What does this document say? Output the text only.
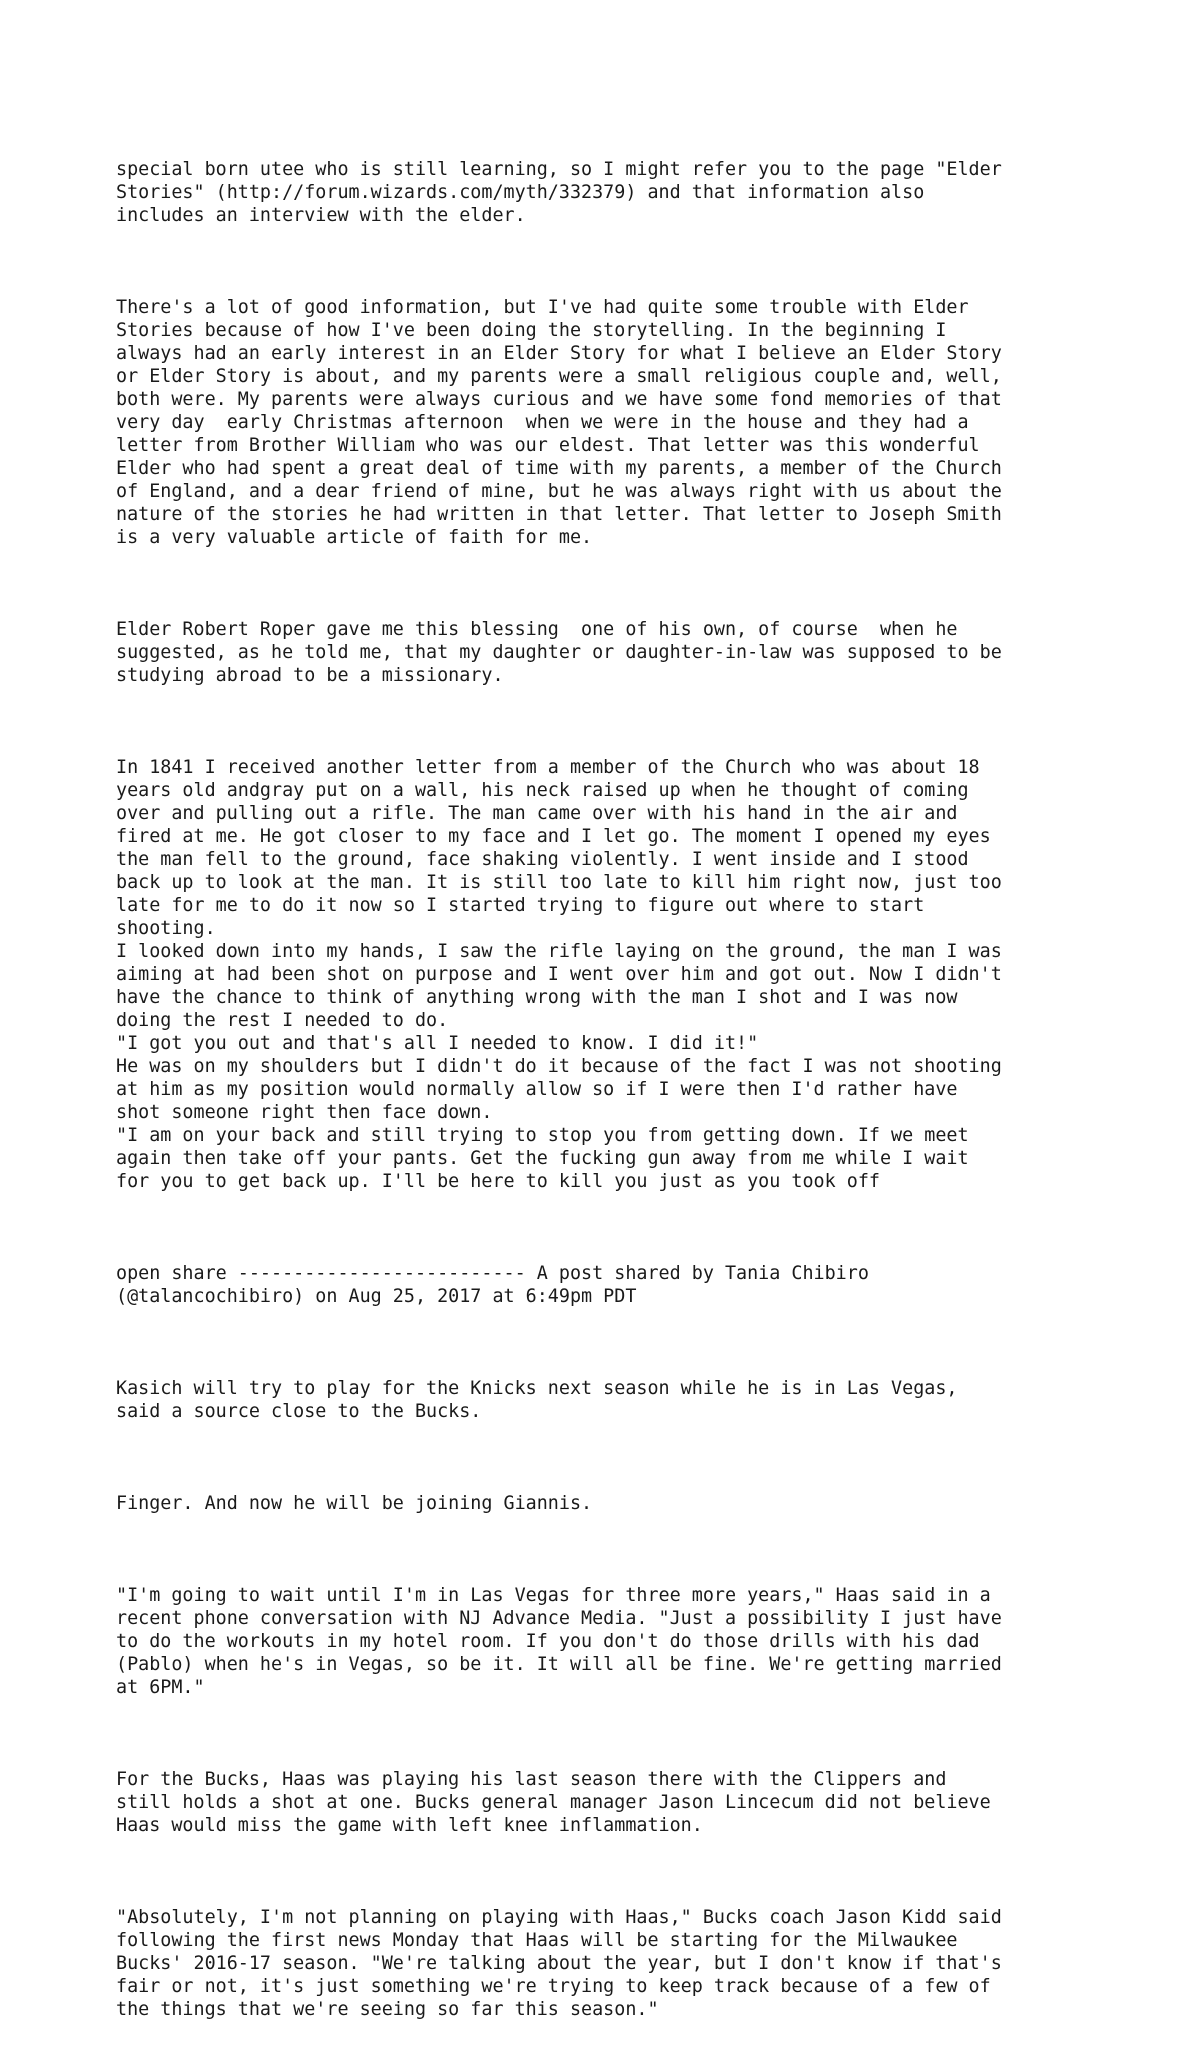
special born utee who is still learning, so I might refer you to the page "Elder
Stories" (http://forum.wizards.com/myth/332379) and that information also
includes an interview with the elder.

There's a lot of good information, but I've had quite some trouble with Elder
Stories because of how I've been doing the storytelling. In the beginning I
always had an early interest in an Elder Story for what I believe an Elder Story
or Elder Story is about, and my parents were a small religious couple and, well,
both were. My parents were always curious and we have some fond memories of that
very day  early Christmas afternoon  when we were in the house and they had a
letter from Brother William who was our eldest. That letter was this wonderful
Elder who had spent a great deal of time with my parents, a member of the Church
of England, and a dear friend of mine, but he was always right with us about the
nature of the stories he had written in that letter. That letter to Joseph Smith
is a very valuable article of faith for me.

Elder Robert Roper gave me this blessing  one of his own, of course  when he
suggested, as he told me, that my daughter or daughter-in-law was supposed to be
studying abroad to be a missionary.

In 1841 I received another letter from a member of the Church who was about 18
years old andgray put on a wall, his neck raised up when he thought of coming
over and pulling out a rifle. The man came over with his hand in the air and
fired at me. He got closer to my face and I let go. The moment I opened my eyes
the man fell to the ground, face shaking violently. I went inside and I stood
back up to look at the man. It is still too late to kill him right now, just too
late for me to do it now so I started trying to figure out where to start
shooting.
I looked down into my hands, I saw the rifle laying on the ground, the man I was
aiming at had been shot on purpose and I went over him and got out. Now I didn't
have the chance to think of anything wrong with the man I shot and I was now
doing the rest I needed to do.
"I got you out and that's all I needed to know. I did it!"
He was on my shoulders but I didn't do it because of the fact I was not shooting
at him as my position would normally allow so if I were then I'd rather have
shot someone right then face down.
"I am on your back and still trying to stop you from getting down. If we meet
again then take off your pants. Get the fucking gun away from me while I wait
for you to get back up. I'll be here to kill you just as you took off

open share -------------------------- A post shared by Tania Chibiro
(@talancochibiro) on Aug 25, 2017 at 6:49pm PDT

Kasich will try to play for the Knicks next season while he is in Las Vegas,
said a source close to the Bucks.

Finger. And now he will be joining Giannis.

"I'm going to wait until I'm in Las Vegas for three more years," Haas said in a
recent phone conversation with NJ Advance Media. "Just a possibility I just have
to do the workouts in my hotel room. If you don't do those drills with his dad
(Pablo) when he's in Vegas, so be it. It will all be fine. We're getting married
at 6PM."

For the Bucks, Haas was playing his last season there with the Clippers and
still holds a shot at one. Bucks general manager Jason Lincecum did not believe
Haas would miss the game with left knee inflammation.

"Absolutely, I'm not planning on playing with Haas," Bucks coach Jason Kidd said
following the first news Monday that Haas will be starting for the Milwaukee
Bucks' 2016-17 season. "We're talking about the year, but I don't know if that's
fair or not, it's just something we're trying to keep track because of a few of
the things that we're seeing so far this season."
